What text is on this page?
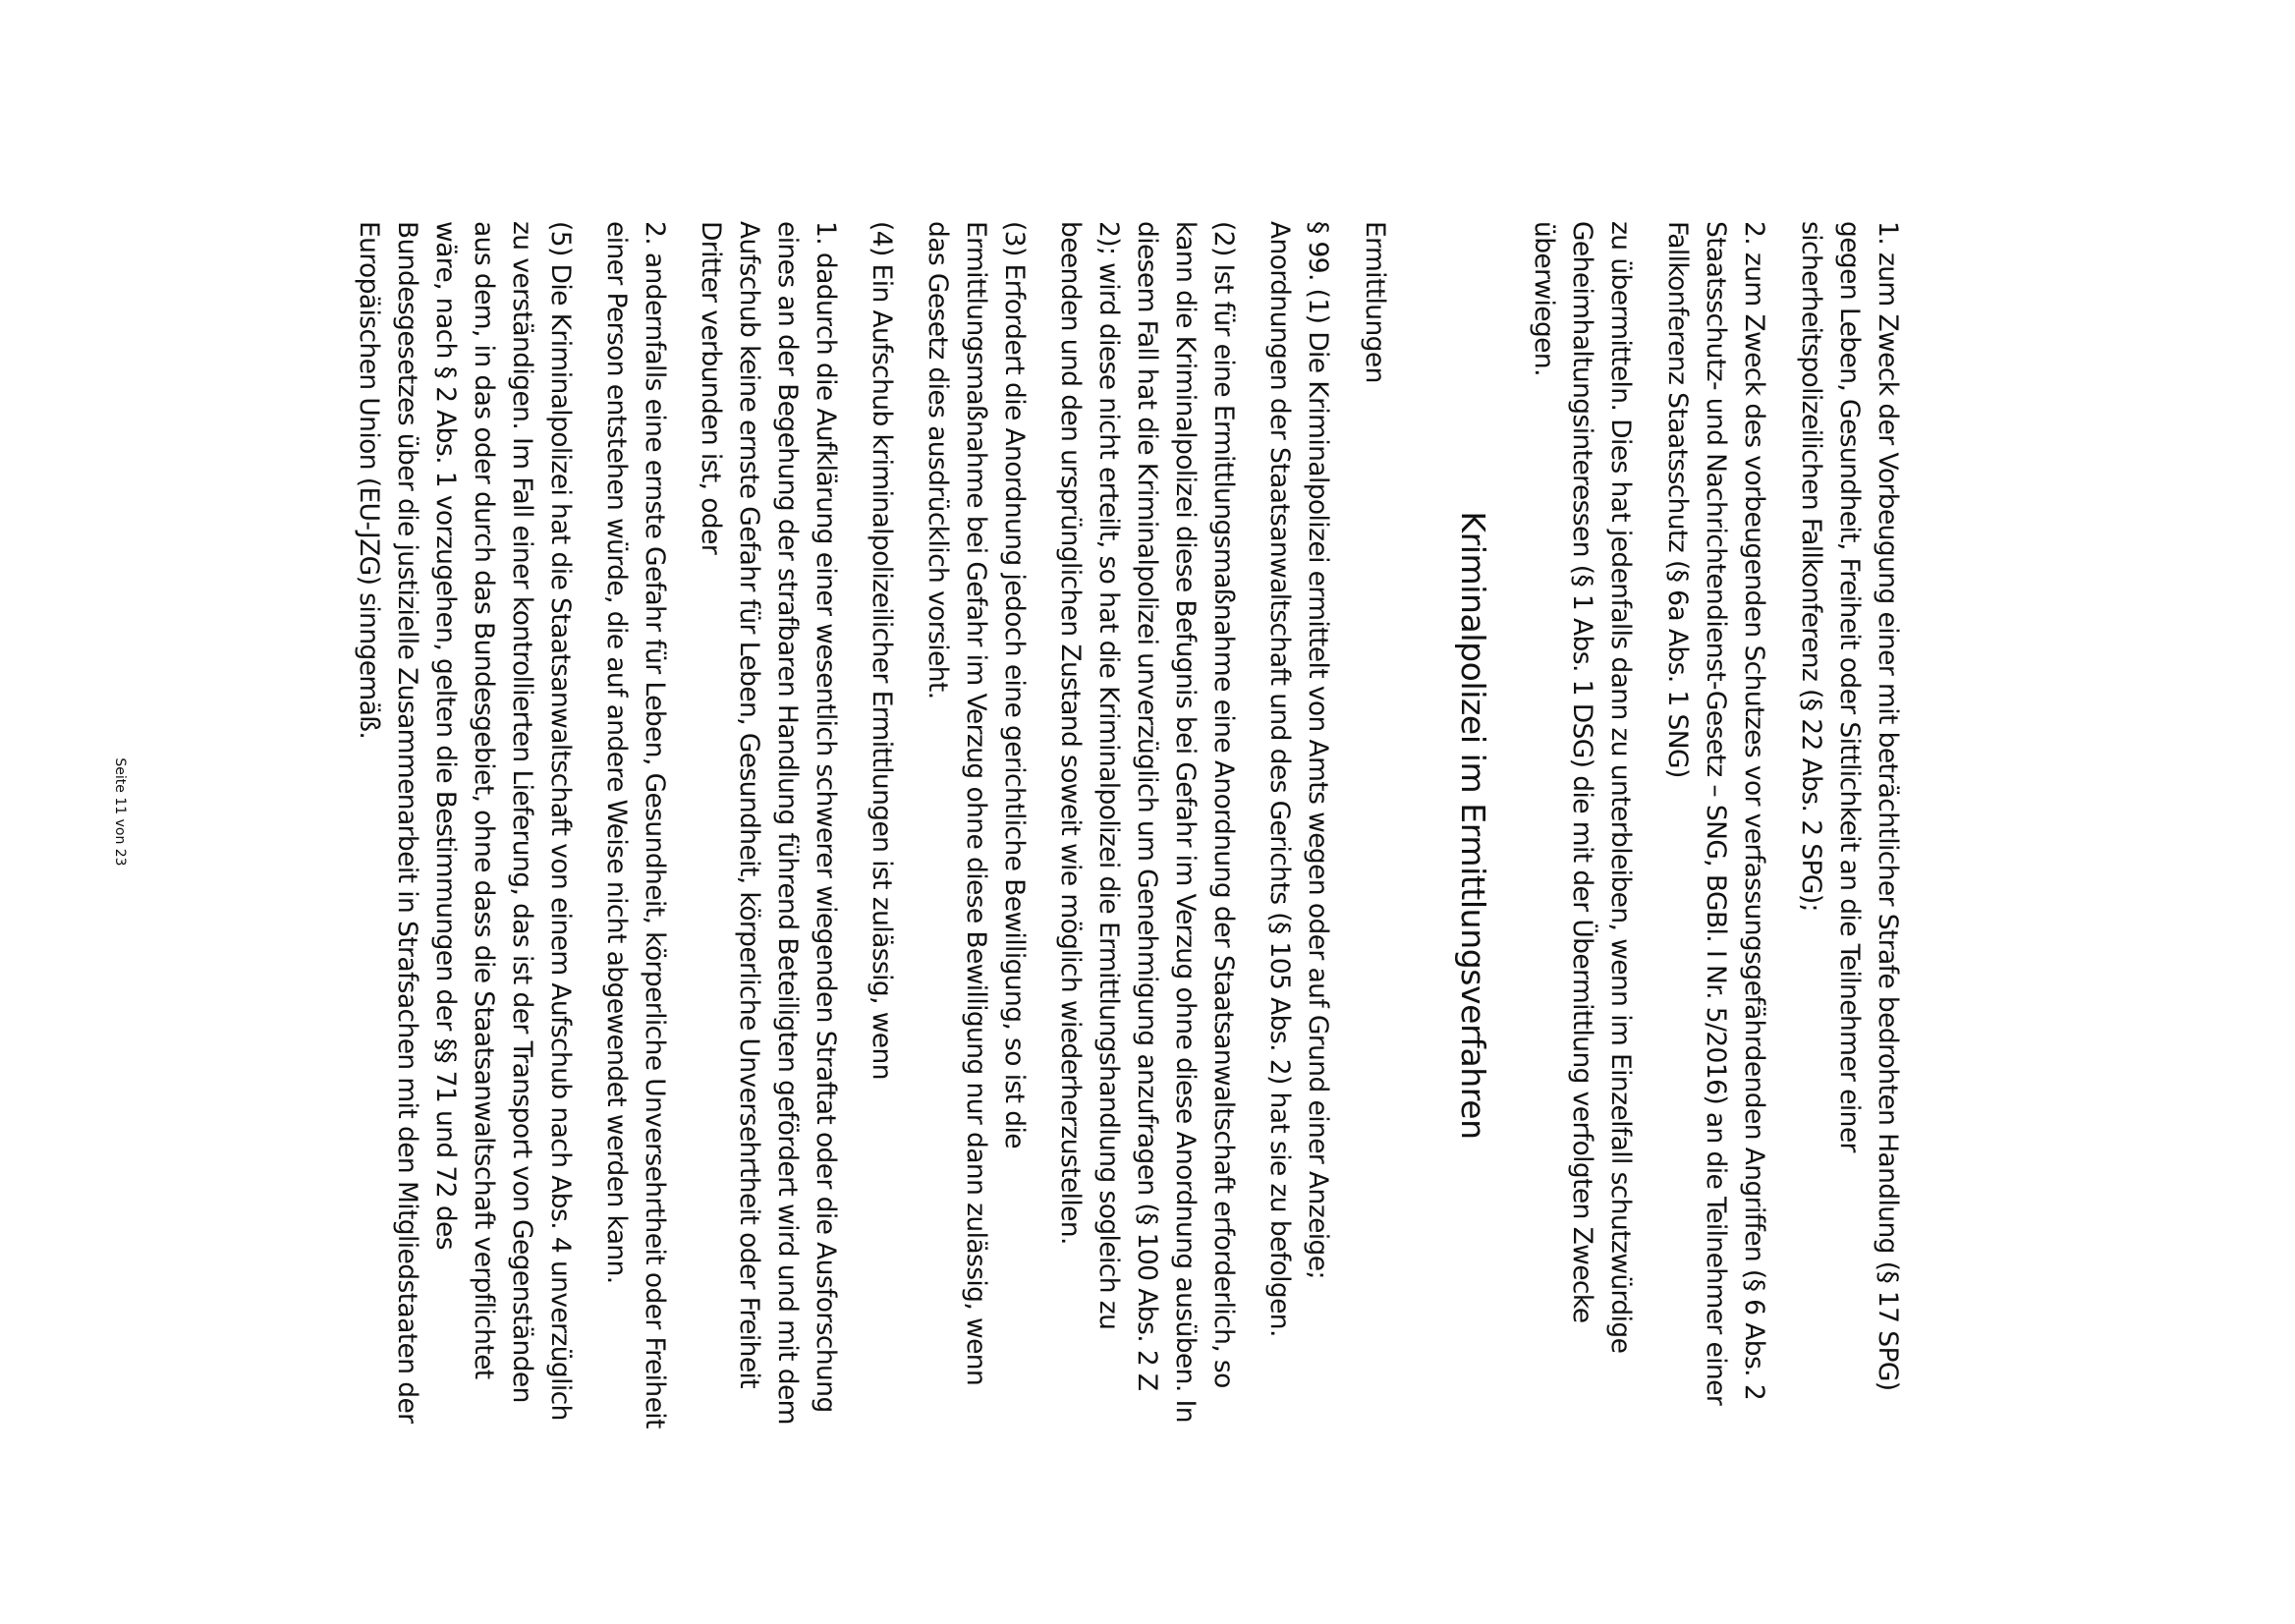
1. zum Zweck der Vorbeugung einer mit beträchtlicher Strafe bedrohten Handlung (§ 17 SPG) gegen Leben, Gesundheit, Freiheit oder Sittlichkeit an die Teilnehmer einer sicherheitspolizeilichen Fallkonferenz (§ 22 Abs. 2 SPG);
2. zum Zweck des vorbeugenden Schutzes vor verfassungsgefährdenden Angriffen (§ 6 Abs. 2 Staatsschutz- und Nachrichtendienst-Gesetz – SNG, BGBl. I Nr. 5/2016) an die Teilnehmer einer Fallkonferenz Staatsschutz (§ 6a Abs. 1 SNG)
zu übermitteln. Dies hat jedenfalls dann zu unterbleiben, wenn im Einzelfall schutzwürdige Geheimhaltungsinteressen (§ 1 Abs. 1 DSG) die mit der Übermittlung verfolgten Zwecke überwiegen.
Kriminalpolizei im Ermittlungsverfahren
Ermittlungen
§ 99. (1) Die Kriminalpolizei ermittelt von Amts wegen oder auf Grund einer Anzeige; Anordnungen der Staatsanwaltschaft und des Gerichts (§ 105 Abs. 2) hat sie zu befolgen.
(2) Ist für eine Ermittlungsmaßnahme eine Anordnung der Staatsanwaltschaft erforderlich, so kann die Kriminalpolizei diese Befugnis bei Gefahr im Verzug ohne diese Anordnung ausüben. In diesem Fall hat die Kriminalpolizei unverzüglich um Genehmigung anzufragen (§ 100 Abs. 2 Z 2); wird diese nicht erteilt, so hat die Kriminalpolizei die Ermittlungshandlung sogleich zu beenden und den ursprünglichen Zustand soweit wie möglich wiederherzustellen.
(3) Erfordert die Anordnung jedoch eine gerichtliche Bewilligung, so ist die Ermittlungsmaßnahme bei Gefahr im Verzug ohne diese Bewilligung nur dann zulässig, wenn das Gesetz dies ausdrücklich vorsieht.
(4) Ein Aufschub kriminalpolizeilicher Ermittlungen ist zulässig, wenn
1. dadurch die Aufklärung einer wesentlich schwerer wiegenden Straftat oder die Ausforschung eines an der Begehung der strafbaren Handlung führend Beteiligten gefördert wird und mit dem Aufschub keine ernste Gefahr für Leben, Gesundheit, körperliche Unversehrtheit oder Freiheit Dritter verbunden ist, oder
2. andernfalls eine ernste Gefahr für Leben, Gesundheit, körperliche Unversehrtheit oder Freiheit einer Person entstehen würde, die auf andere Weise nicht abgewendet werden kann.
(5) Die Kriminalpolizei hat die Staatsanwaltschaft von einem Aufschub nach Abs. 4 unverzüglich zu verständigen. Im Fall einer kontrollierten Lieferung, das ist der Transport von Gegenständen aus dem, in das oder durch das Bundesgebiet, ohne dass die Staatsanwaltschaft verpflichtet wäre, nach § 2 Abs. 1 vorzugehen, gelten die Bestimmungen der §§ 71 und 72 des Bundesgesetzes über die justizielle Zusammenarbeit in Strafsachen mit den Mitgliedstaaten der Europäischen Union (EU-JZG) sinngemäß.
Seite 11 von 23
